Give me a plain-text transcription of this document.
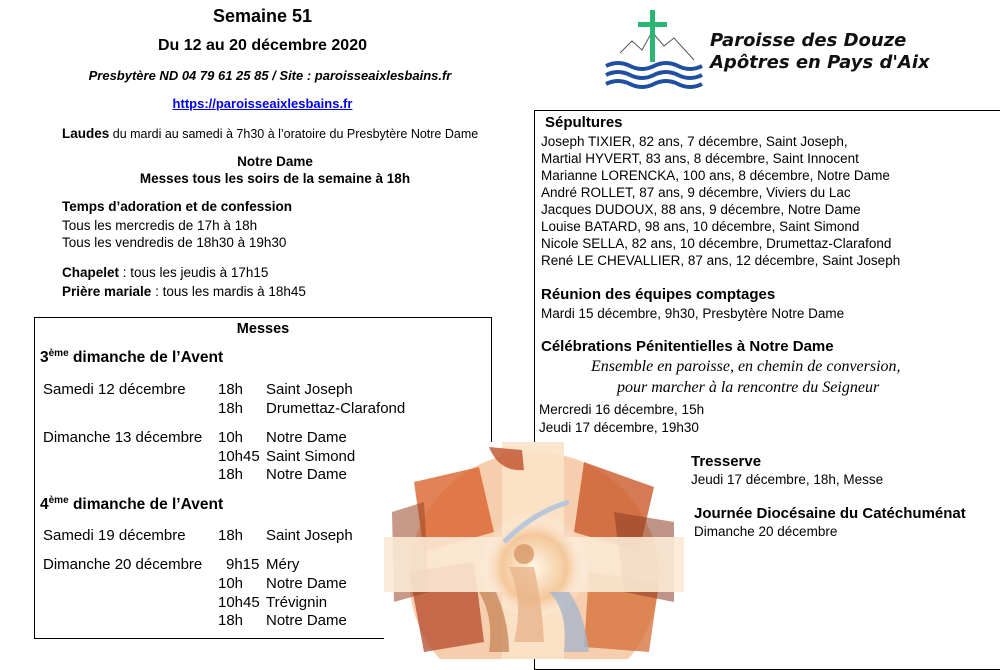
Semaine 51
Du 12 au 20 décembre 2020
Presbytère ND 04 79 61 25 85 / Site : paroisseaixlesbains.fr
https://paroisseaixlesbains.fr
Laudes du mardi au samedi à 7h30 à l’oratoire du Presbytère Notre Dame
Notre Dame
Messes tous les soirs de la semaine à 18h
Temps d’adoration et de confession
Tous les mercredis de 17h à 18h
Tous les vendredis de 18h30 à 19h30
Chapelet : tous les jeudis à 17h15
Prière mariale : tous les mardis à 18h45
Paroisse des Douze
Apôtres en Pays d'Aix
Sépultures
Joseph TIXIER, 82 ans, 7 décembre, Saint Joseph,
Martial HYVERT, 83 ans, 8 décembre, Saint Innocent
Marianne LORENCKA, 100 ans, 8 décembre, Notre Dame
André ROLLET, 87 ans, 9 décembre, Viviers du Lac
Jacques DUDOUX, 88 ans, 9 décembre, Notre Dame
Louise BATARD, 98 ans, 10 décembre, Saint Simond
Nicole SELLA, 82 ans, 10 décembre, Drumettaz-Clarafond
René LE CHEVALLIER, 87 ans, 12 décembre, Saint Joseph
Réunion des équipes comptages
Mardi 15 décembre, 9h30, Presbytère Notre Dame
Célébrations Pénitentielles à Notre Dame
Ensemble en paroisse, en chemin de conversion,
pour marcher à la rencontre du Seigneur
Mercredi 16 décembre, 15h
Jeudi 17 décembre, 19h30
Tresserve
Jeudi 17 décembre, 18h, Messe
Journée Diocésaine du Catéchuménat
Dimanche 20 décembre
Messes
3ème dimanche de l’Avent
Samedi 12 décembre 18h Saint Joseph
18h Drumettaz-Clarafond
Dimanche 13 décembre 10h Notre Dame
10h45 Saint Simond
18h Notre Dame
4ème dimanche de l’Avent
Samedi 19 décembre 18h Saint Joseph
Dimanche 20 décembre 9h15 Méry
10h Notre Dame
10h45 Trévignin
18h Notre Dame
